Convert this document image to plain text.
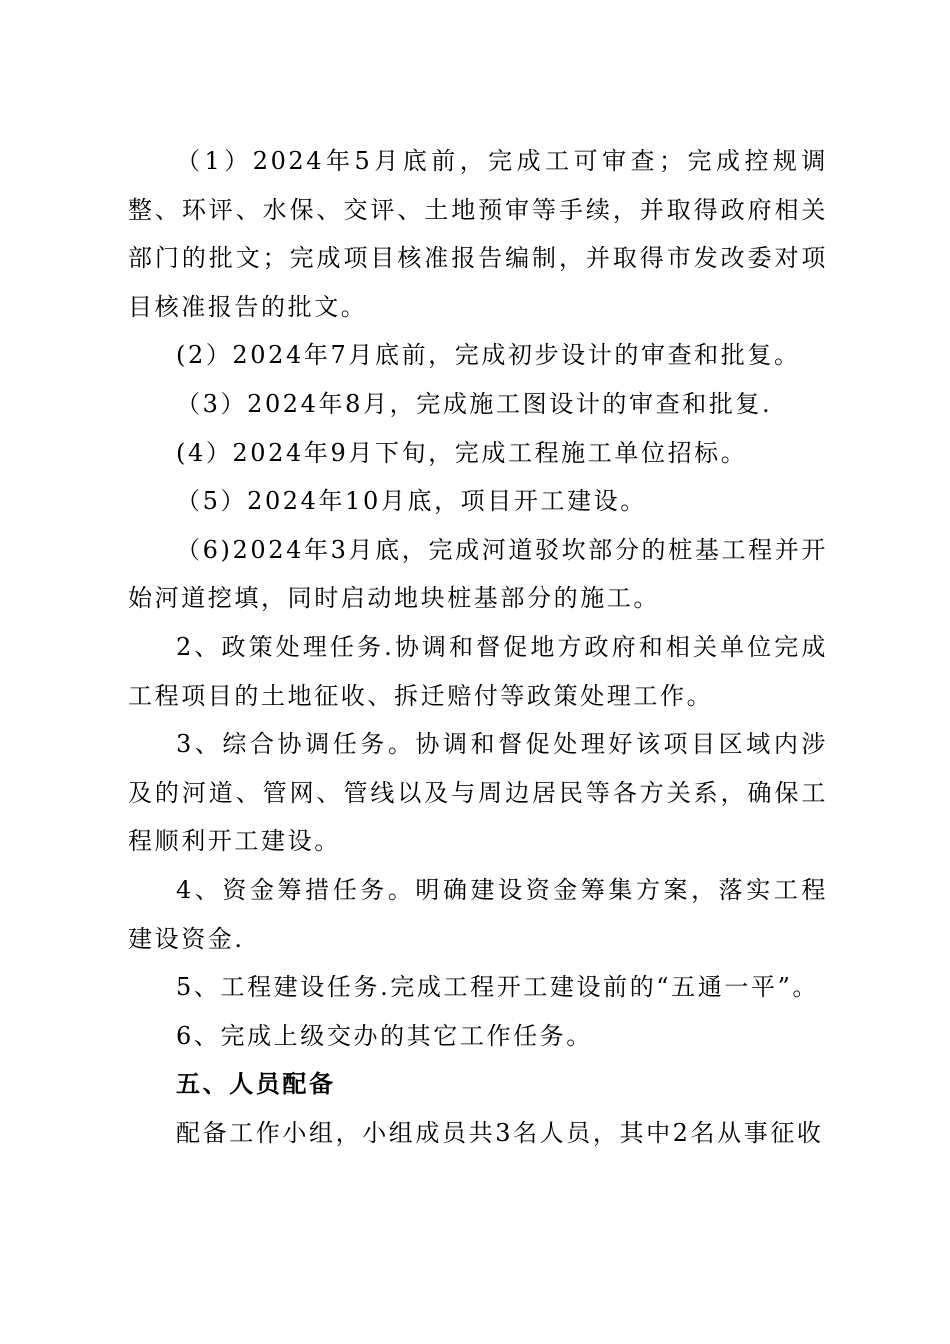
（1）2024年5月底前，完成工可审查；完成控规调整、环评、水保、交评、土地预审等手续，并取得政府相关部门的批文；完成项目核准报告编制，并取得市发改委对项目核准报告的批文。

(2）2024年7月底前，完成初步设计的审查和批复。

（3）2024年8月，完成施工图设计的审查和批复.

(4）2024年9月下旬，完成工程施工单位招标。

（5）2024年10月底，项目开工建设。

（6)2024年3月底，完成河道驳坎部分的桩基工程并开始河道挖填，同时启动地块桩基部分的施工。

2、政策处理任务.协调和督促地方政府和相关单位完成工程项目的土地征收、拆迁赔付等政策处理工作。

3、综合协调任务。协调和督促处理好该项目区域内涉及的河道、管网、管线以及与周边居民等各方关系，确保工程顺利开工建设。

4、资金筹措任务。明确建设资金筹集方案，落实工程建设资金.

5、工程建设任务.完成工程开工建设前的“五通一平”。

6、完成上级交办的其它工作任务。

五、人员配备

配备工作小组，小组成员共3名人员，其中2名从事征收
